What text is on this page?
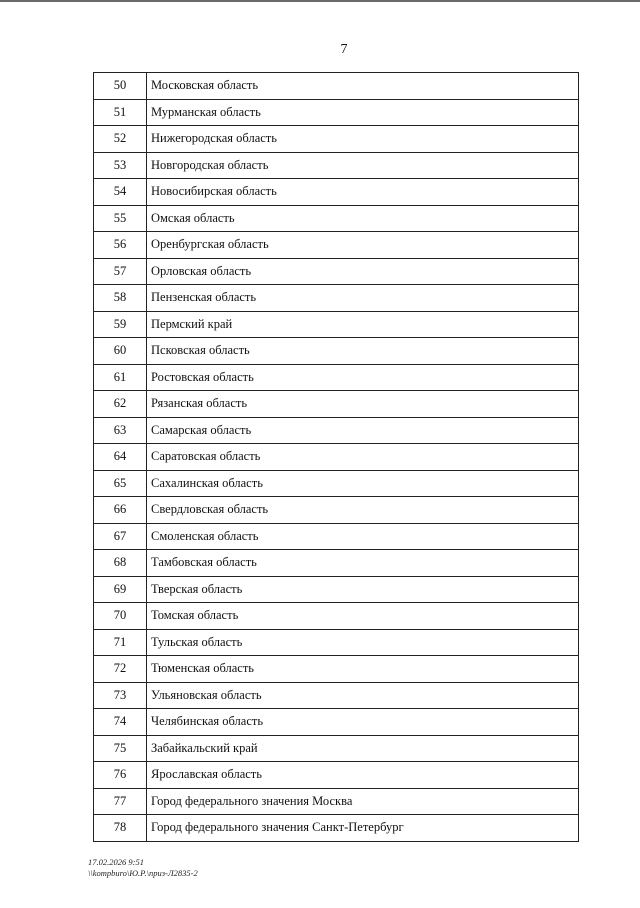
7
50	Московская область
51	Мурманская область
52	Нижегородская область
53	Новгородская область
54	Новосибирская область
55	Омская область
56	Оренбургская область
57	Орловская область
58	Пензенская область
59	Пермский край
60	Псковская область
61	Ростовская область
62	Рязанская область
63	Самарская область
64	Саратовская область
65	Сахалинская область
66	Свердловская область
67	Смоленская область
68	Тамбовская область
69	Тверская область
70	Томская область
71	Тульская область
72	Тюменская область
73	Ульяновская область
74	Челябинская область
75	Забайкальский край
76	Ярославская область
77	Город федерального значения Москва
78	Город федерального значения Санкт-Петербург
17.02.2026 9:51
\\kompburo\Ю.Р.\приз-Л2835-2
